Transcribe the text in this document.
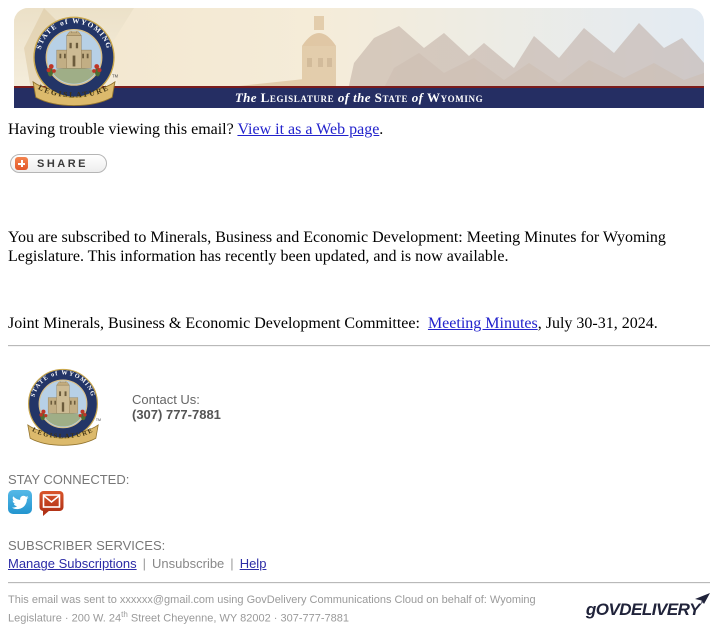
The Legislature of the State of Wyoming

Having trouble viewing this email? View it as a Web page.

SHARE

You are subscribed to Minerals, Business and Economic Development: Meeting Minutes for Wyoming Legislature. This information has recently been updated, and is now available.

Joint Minerals, Business & Economic Development Committee:  Meeting Minutes, July 30-31, 2024.

Contact Us:
(307) 777-7881
STAY CONNECTED:
SUBSCRIBER SERVICES:
Manage Subscriptions | Unsubscribe | Help
This email was sent to xxxxxx@gmail.com using GovDelivery Communications Cloud on behalf of: Wyoming Legislature · 200 W. 24th Street Cheyenne, WY 82002 · 307-777-7881	gOVDELIVERY
